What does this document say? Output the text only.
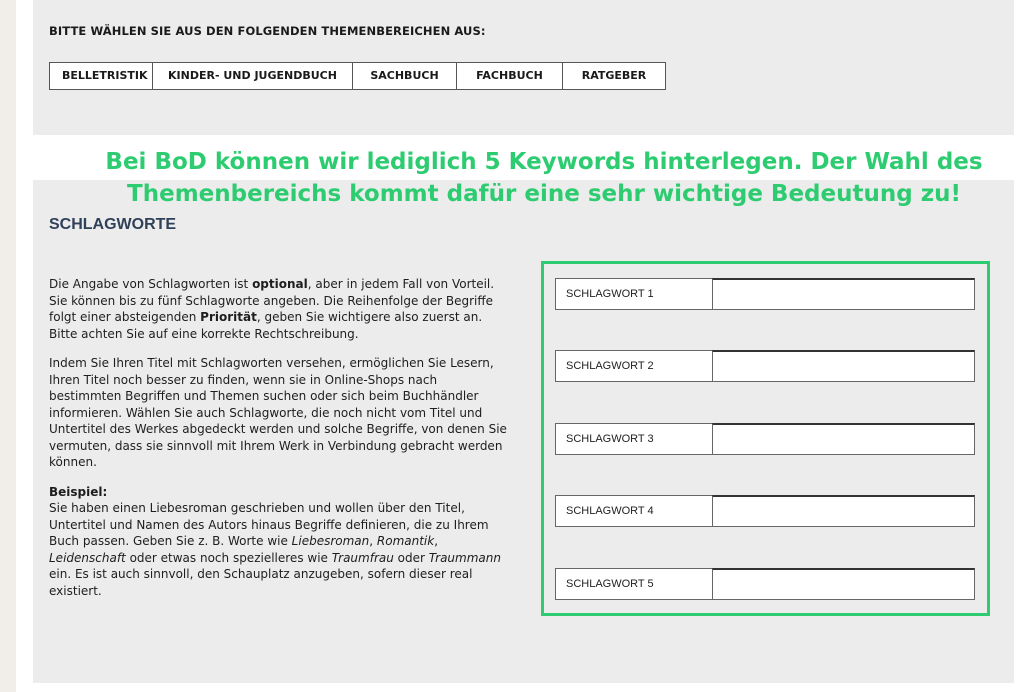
BITTE WÄHLEN SIE AUS DEN FOLGENDEN THEMENBEREICHEN AUS:
BELLETRISTIK	KINDER- UND JUGENDBUCH	SACHBUCH	FACHBUCH	RATGEBER
SCHLAGWORTE

Die Angabe von Schlagworten ist optional, aber in jedem Fall von Vorteil. Sie können bis zu fünf Schlagworte angeben. Die Reihenfolge der Begriffe folgt einer absteigenden Priorität, geben Sie wichtigere also zuerst an. Bitte achten Sie auf eine korrekte Rechtschreibung.

Indem Sie Ihren Titel mit Schlagworten versehen, ermöglichen Sie Lesern, Ihren Titel noch besser zu finden, wenn sie in Online-Shops nach bestimmten Begriffen und Themen suchen oder sich beim Buchhändler informieren. Wählen Sie auch Schlagworte, die noch nicht vom Titel und Untertitel des Werkes abgedeckt werden und solche Begriffe, von denen Sie vermuten, dass sie sinnvoll mit Ihrem Werk in Verbindung gebracht werden können.

Beispiel:
Sie haben einen Liebesroman geschrieben und wollen über den Titel, Untertitel und Namen des Autors hinaus Begriffe definieren, die zu Ihrem Buch passen. Geben Sie z. B. Worte wie Liebesroman, Romantik, Leidenschaft oder etwas noch spezielleres wie Traumfrau oder Traummann ein. Es ist auch sinnvoll, den Schauplatz anzugeben, sofern dieser real existiert.

SCHLAGWORT 1
SCHLAGWORT 2
SCHLAGWORT 3
SCHLAGWORT 4
SCHLAGWORT 5
Bei BoD können wir lediglich 5 Keywords hinterlegen. Der Wahl des
Themenbereichs kommt dafür eine sehr wichtige Bedeutung zu!
